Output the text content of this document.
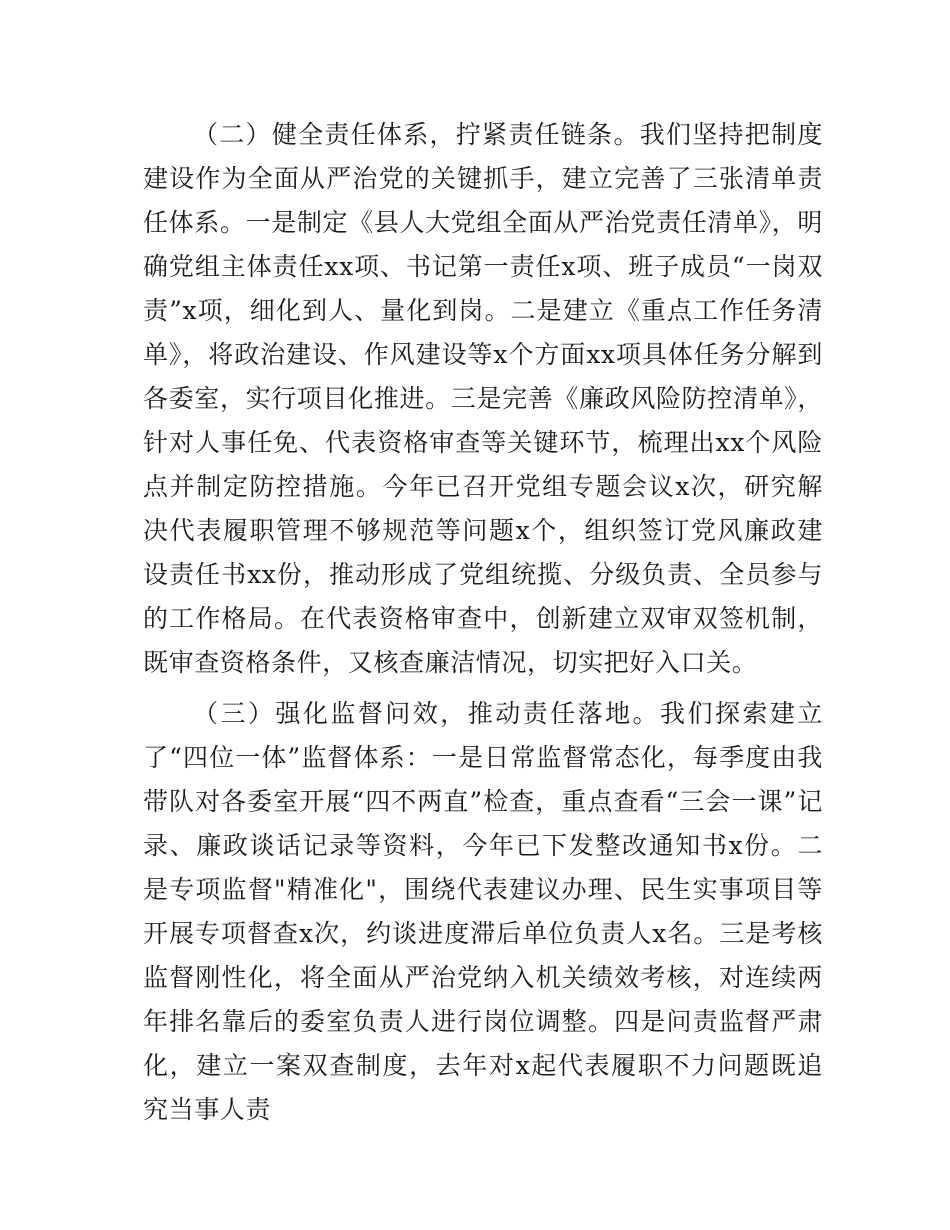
（二）健全责任体系，拧紧责任链条。我们坚持把制度建设作为全面从严治党的关键抓手，建立完善了三张清单责任体系。一是制定《县人大党组全面从严治党责任清单》，明确党组主体责任xx项、书记第一责任x项、班子成员“一岗双责”x项，细化到人、量化到岗。二是建立《重点工作任务清单》，将政治建设、作风建设等x个方面xx项具体任务分解到各委室，实行项目化推进。三是完善《廉政风险防控清单》，针对人事任免、代表资格审查等关键环节，梳理出xx个风险点并制定防控措施。今年已召开党组专题会议x次，研究解决代表履职管理不够规范等问题x个，组织签订党风廉政建设责任书xx份，推动形成了党组统揽、分级负责、全员参与的工作格局。在代表资格审查中，创新建立双审双签机制，既审查资格条件，又核查廉洁情况，切实把好入口关。

（三）强化监督问效，推动责任落地。我们探索建立了“四位一体”监督体系：一是日常监督常态化，每季度由我带队对各委室开展“四不两直”检查，重点查看“三会一课”记录、廉政谈话记录等资料，今年已下发整改通知书x份。二是专项监督"精准化"，围绕代表建议办理、民生实事项目等开展专项督查x次，约谈进度滞后单位负责人x名。三是考核监督刚性化，将全面从严治党纳入机关绩效考核，对连续两年排名靠后的委室负责人进行岗位调整。四是问责监督严肃化，建立一案双查制度，去年对x起代表履职不力问题既追究当事人责
